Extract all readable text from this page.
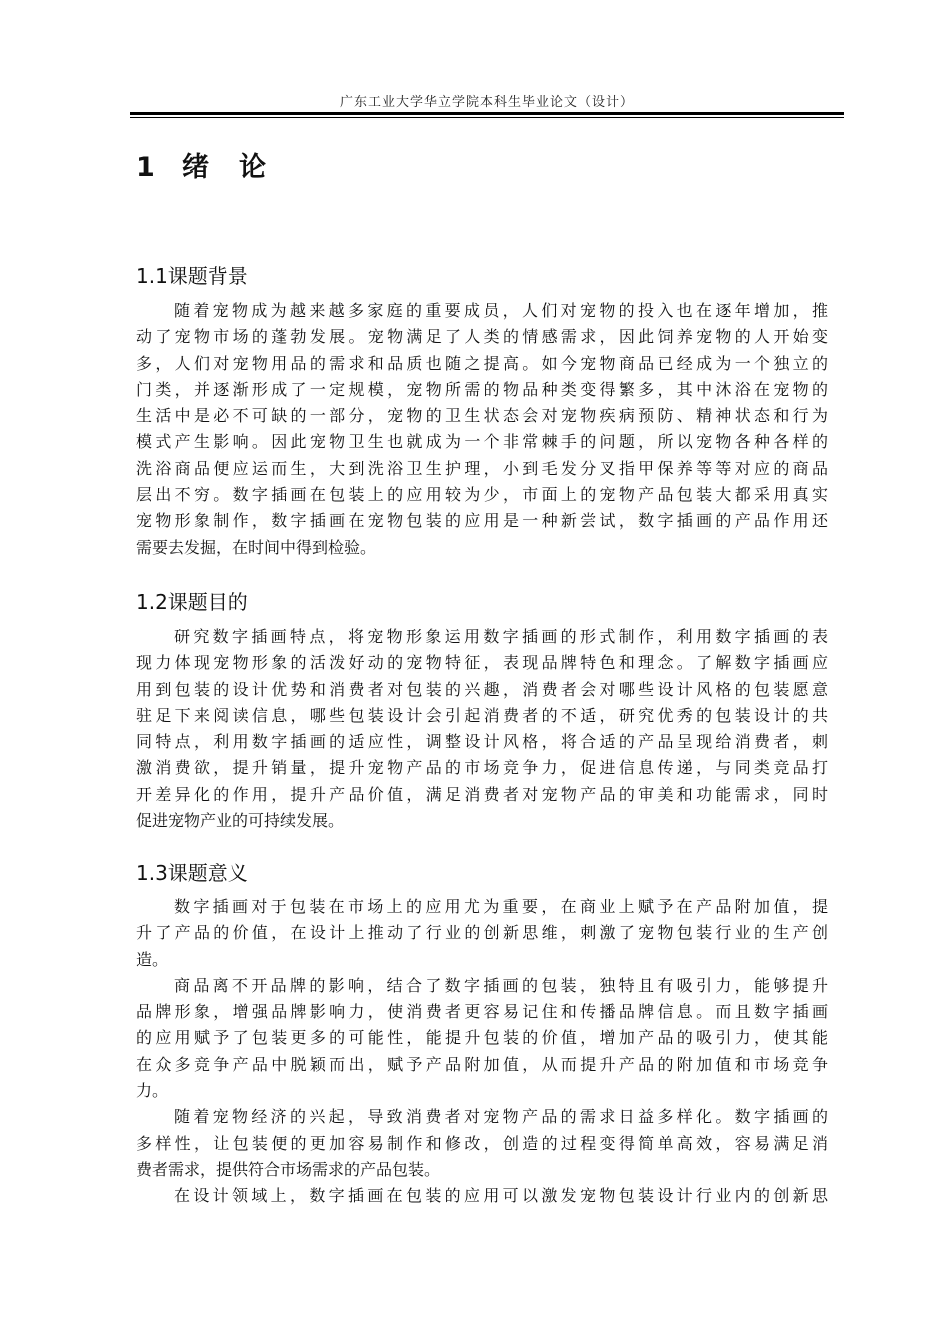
广东工业大学华立学院本科生毕业论文（设计）
1 绪 论
1.1课题背景
随着宠物成为越来越多家庭的重要成员，人们对宠物的投入也在逐年增加，推
动了宠物市场的蓬勃发展。宠物满足了人类的情感需求，因此饲养宠物的人开始变
多，人们对宠物用品的需求和品质也随之提高。如今宠物商品已经成为一个独立的
门类，并逐渐形成了一定规模，宠物所需的物品种类变得繁多，其中沐浴在宠物的
生活中是必不可缺的一部分，宠物的卫生状态会对宠物疾病预防、精神状态和行为
模式产生影响。因此宠物卫生也就成为一个非常棘手的问题，所以宠物各种各样的
洗浴商品便应运而生，大到洗浴卫生护理，小到毛发分叉指甲保养等等对应的商品
层出不穷。数字插画在包装上的应用较为少，市面上的宠物产品包装大都采用真实
宠物形象制作，数字插画在宠物包装的应用是一种新尝试，数字插画的产品作用还
需要去发掘，在时间中得到检验。
1.2课题目的
研究数字插画特点，将宠物形象运用数字插画的形式制作，利用数字插画的表
现力体现宠物形象的活泼好动的宠物特征，表现品牌特色和理念。了解数字插画应
用到包装的设计优势和消费者对包装的兴趣，消费者会对哪些设计风格的包装愿意
驻足下来阅读信息，哪些包装设计会引起消费者的不适，研究优秀的包装设计的共
同特点，利用数字插画的适应性，调整设计风格，将合适的产品呈现给消费者，刺
激消费欲，提升销量，提升宠物产品的市场竞争力，促进信息传递，与同类竞品打
开差异化的作用，提升产品价值，满足消费者对宠物产品的审美和功能需求，同时
促进宠物产业的可持续发展。
1.3课题意义
数字插画对于包装在市场上的应用尤为重要，在商业上赋予在产品附加值，提
升了产品的价值，在设计上推动了行业的创新思维，刺激了宠物包装行业的生产创
造。
商品离不开品牌的影响，结合了数字插画的包装，独特且有吸引力，能够提升
品牌形象，增强品牌影响力，使消费者更容易记住和传播品牌信息。而且数字插画
的应用赋予了包装更多的可能性，能提升包装的价值，增加产品的吸引力，使其能
在众多竞争产品中脱颖而出，赋予产品附加值，从而提升产品的附加值和市场竞争
力。
随着宠物经济的兴起，导致消费者对宠物产品的需求日益多样化。数字插画的
多样性，让包装便的更加容易制作和修改，创造的过程变得简单高效，容易满足消
费者需求，提供符合市场需求的产品包装。
在设计领域上，数字插画在包装的应用可以激发宠物包装设计行业内的创新思
